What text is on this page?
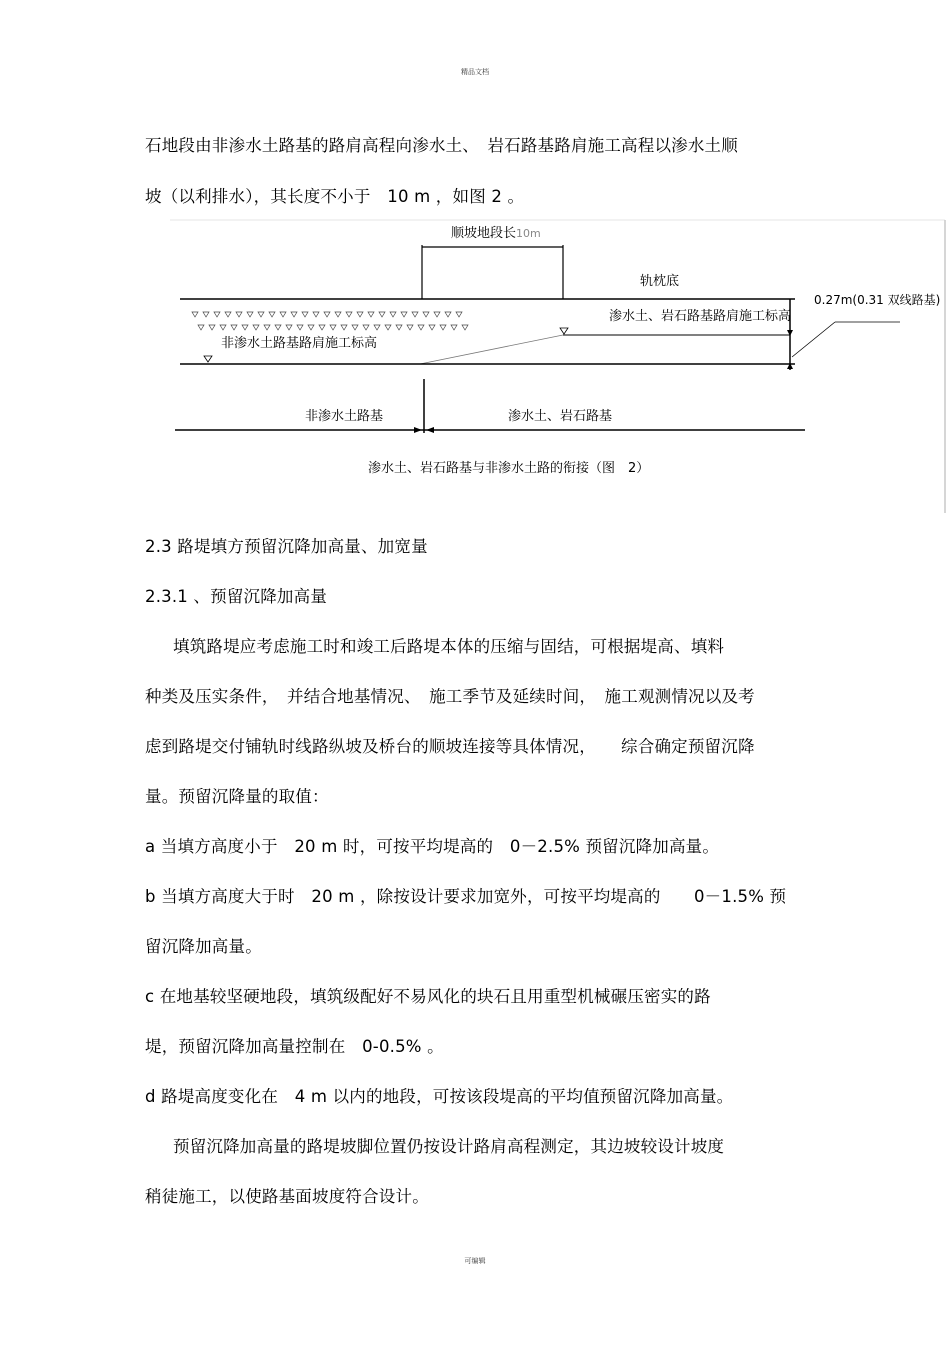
精品文档
石地段由非渗水土路基的路肩高程向渗水土、　岩石路基路肩施工高程以渗水土顺
坡（以利排水），其长度不小于　10 m ，如图 2 。
顺坡地段长10m
轨枕底
渗水土、岩石路基路肩施工标高
0.27m(0.31 双线路基)
非渗水土路基路肩施工标高
非渗水土路基	渗水土、岩石路基
渗水土、岩石路基与非渗水土路的衔接（图　2）
2.3 路堤填方预留沉降加高量、加宽量
2.3.1 、预留沉降加高量
填筑路堤应考虑施工时和竣工后路堤本体的压缩与固结，可根据堤高、填料
种类及压实条件，　并结合地基情况、　施工季节及延续时间，　施工观测情况以及考
虑到路堤交付铺轨时线路纵坡及桥台的顺坡连接等具体情况，　　综合确定预留沉降
量。预留沉降量的取值：
a 当填方高度小于　20 m 时，可按平均堤高的　0－2.5% 预留沉降加高量。
b 当填方高度大于时　20 m ，除按设计要求加宽外，可按平均堤高的　　0－1.5% 预
留沉降加高量。
c 在地基较坚硬地段，填筑级配好不易风化的块石且用重型机械碾压密实的路
堤，预留沉降加高量控制在　0-0.5% 。
d 路堤高度变化在　4 m 以内的地段，可按该段堤高的平均值预留沉降加高量。
预留沉降加高量的路堤坡脚位置仍按设计路肩高程测定，其边坡较设计坡度
稍徒施工，以使路基面坡度符合设计。
可编辑
